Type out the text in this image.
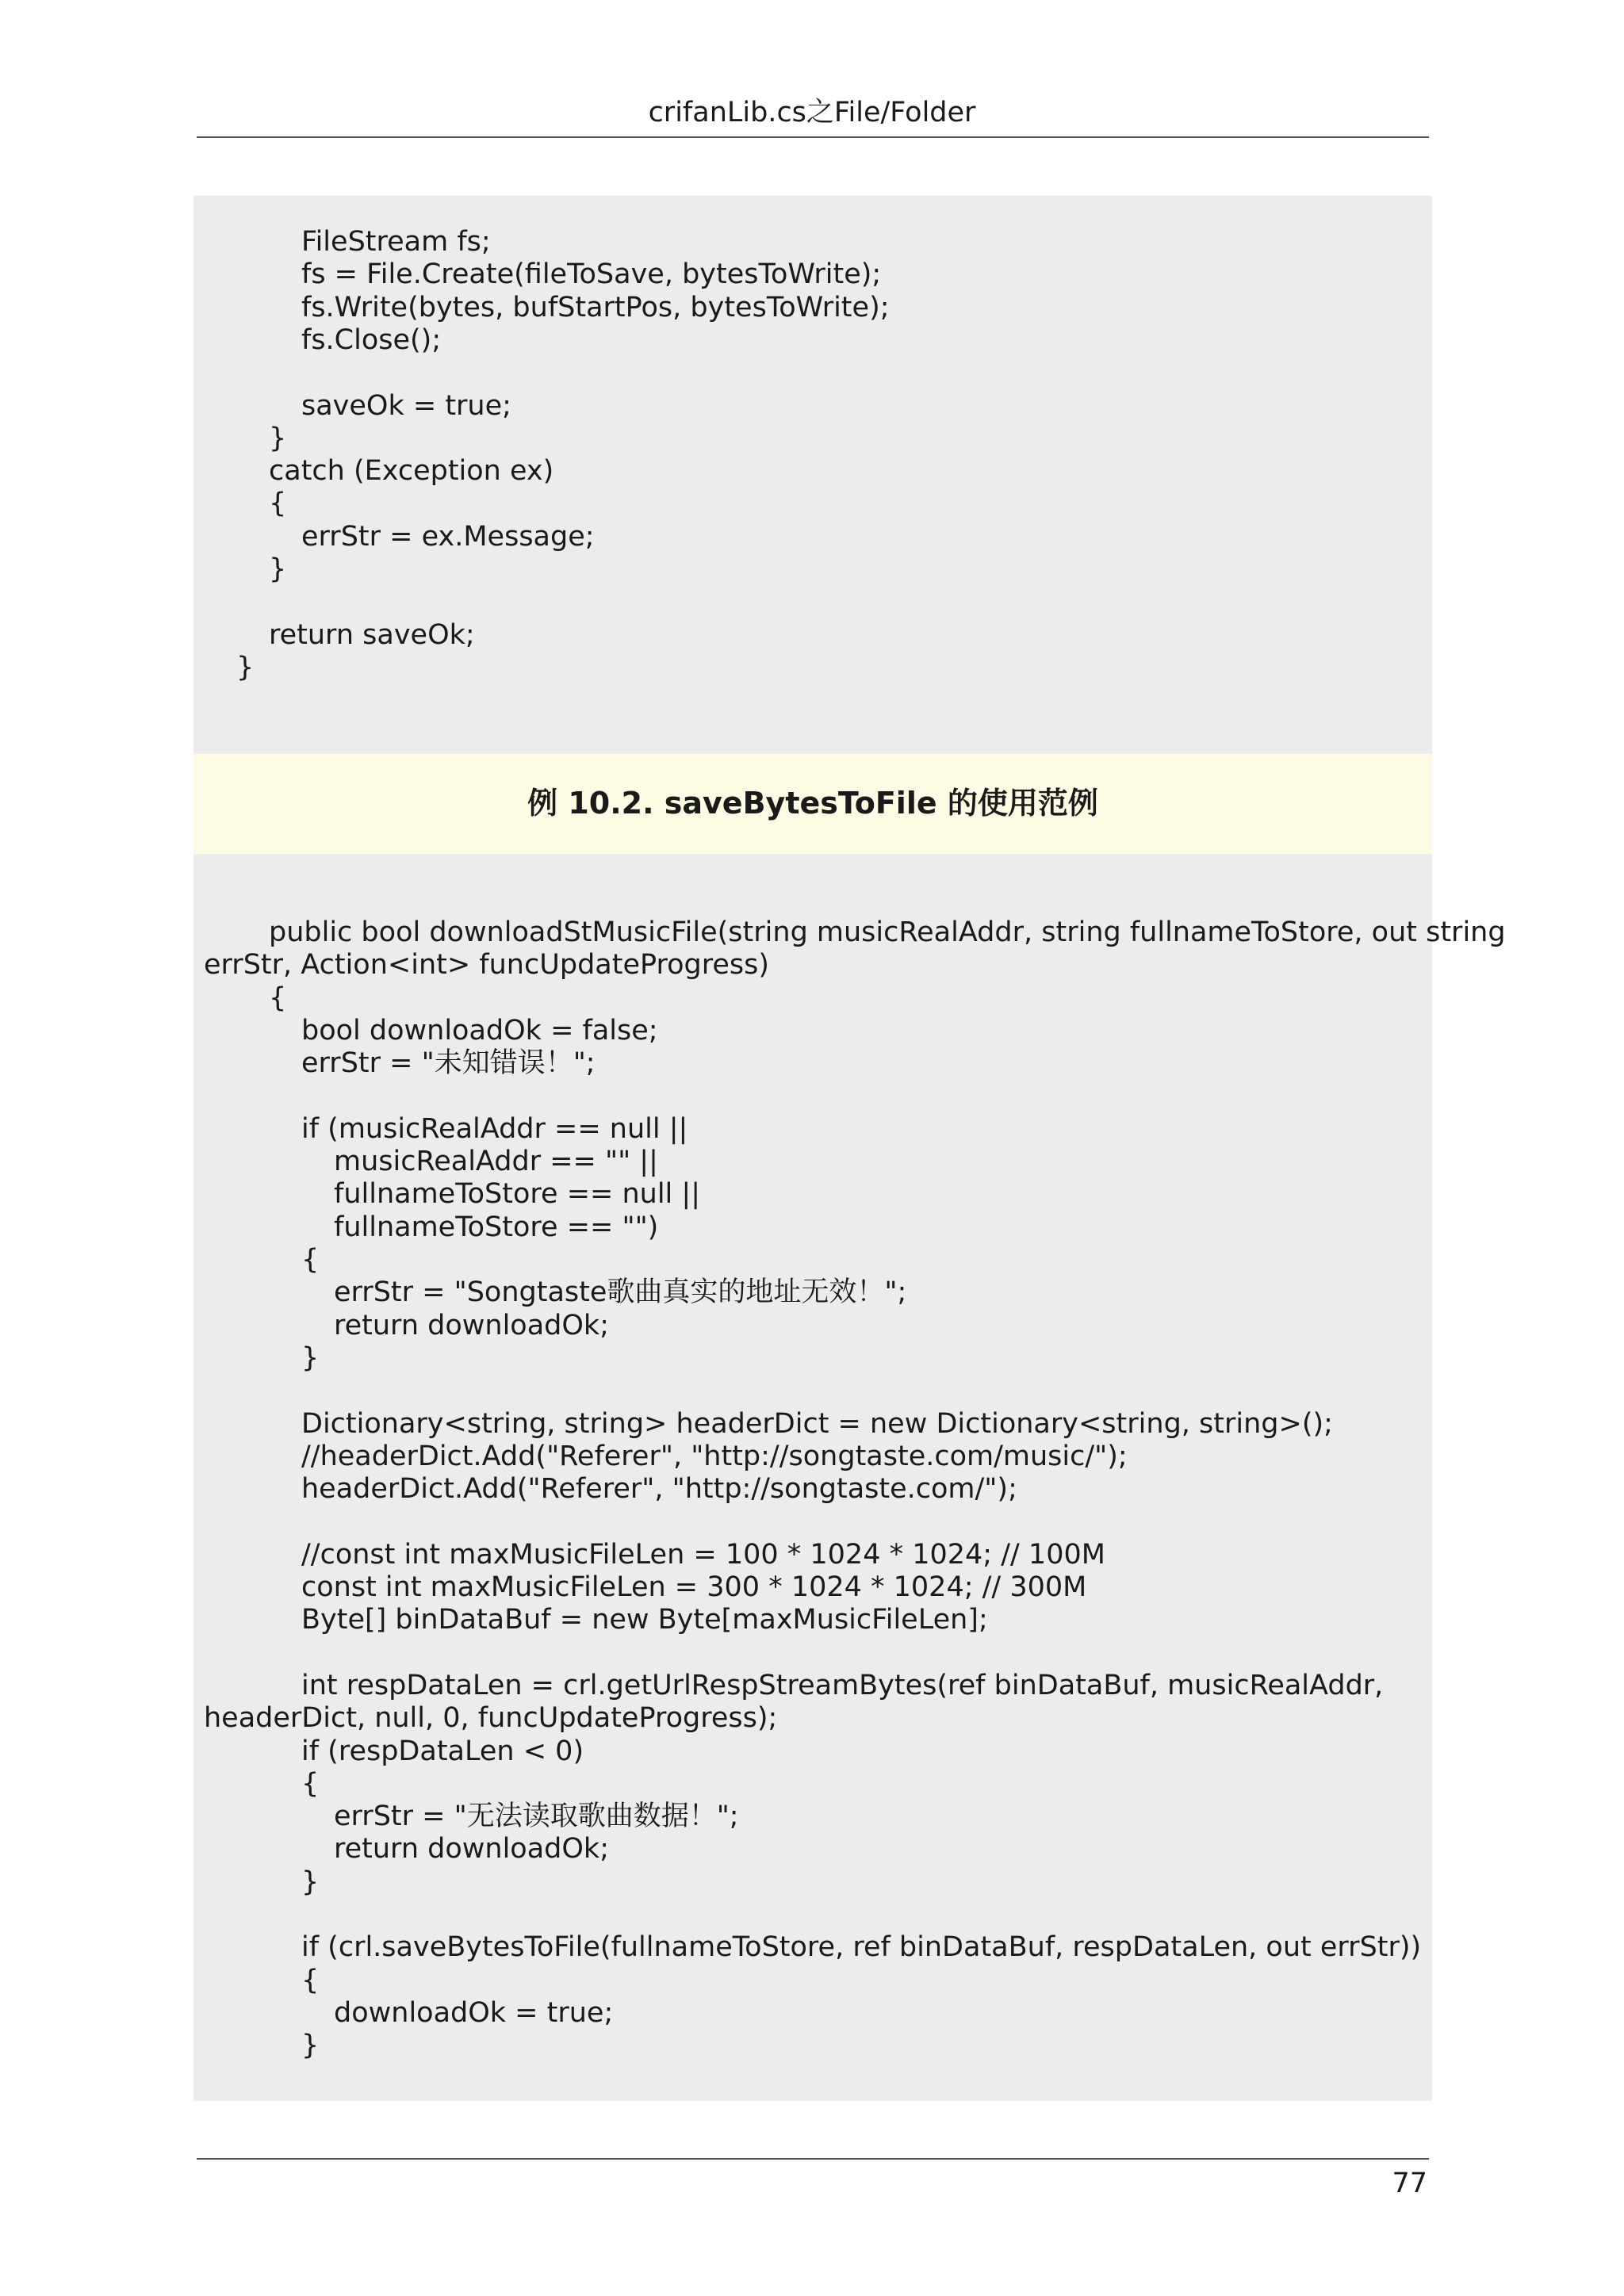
crifanLib.cs之File/Folder
FileStream fs;
fs = File.Create(fileToSave, bytesToWrite);
fs.Write(bytes, bufStartPos, bytesToWrite);
fs.Close();
saveOk = true;
}
catch (Exception ex)
{
errStr = ex.Message;
}
return saveOk;
}
例 10.2. saveBytesToFile 的使用范例
public bool downloadStMusicFile(string musicRealAddr, string fullnameToStore, out string
errStr, Action<int> funcUpdateProgress)
{
bool downloadOk = false;
errStr = "未知错误！";
if (musicRealAddr == null ||
musicRealAddr == "" ||
fullnameToStore == null ||
fullnameToStore == "")
{
errStr = "Songtaste歌曲真实的地址无效！";
return downloadOk;
}
Dictionary<string, string> headerDict = new Dictionary<string, string>();
//headerDict.Add("Referer", "http://songtaste.com/music/");
headerDict.Add("Referer", "http://songtaste.com/");
//const int maxMusicFileLen = 100 * 1024 * 1024; // 100M
const int maxMusicFileLen = 300 * 1024 * 1024; // 300M
Byte[] binDataBuf = new Byte[maxMusicFileLen];
int respDataLen = crl.getUrlRespStreamBytes(ref binDataBuf, musicRealAddr,
headerDict, null, 0, funcUpdateProgress);
if (respDataLen < 0)
{
errStr = "无法读取歌曲数据！";
return downloadOk;
}
if (crl.saveBytesToFile(fullnameToStore, ref binDataBuf, respDataLen, out errStr))
{
downloadOk = true;
}
77
